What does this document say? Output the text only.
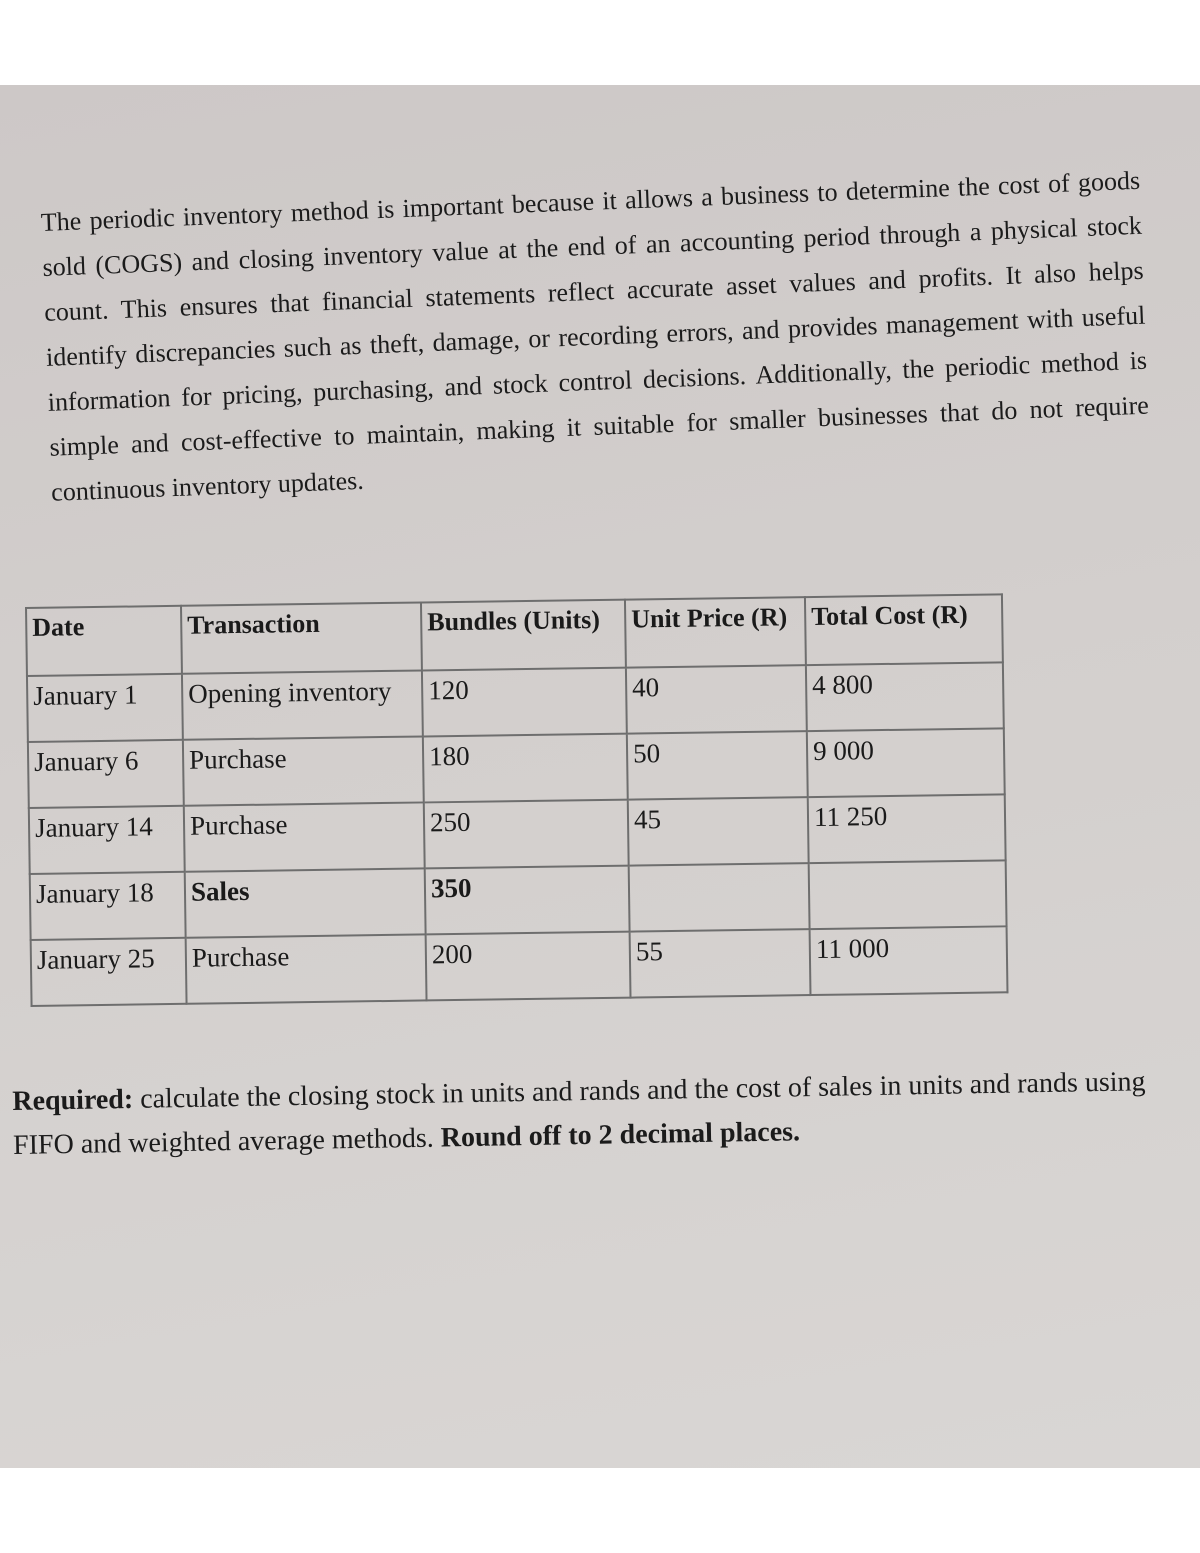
The periodic inventory method is important because it allows a business to determine the cost of goods sold (COGS) and closing inventory value at the end of an accounting period through a physical stock count. This ensures that financial statements reflect accurate asset values and profits. It also helps identify discrepancies such as theft, damage, or recording errors, and provides management with useful information for pricing, purchasing, and stock control decisions. Additionally, the periodic method is simple and cost-effective to maintain, making it suitable for smaller businesses that do not require continuous inventory updates.

Date	Transaction	Bundles (Units)	Unit Price (R)	Total Cost (R)
January 1	Opening inventory	120	40	4 800
January 6	Purchase	180	50	9 000
January 14	Purchase	250	45	11 250
January 18	Sales	350		
January 25	Purchase	200	55	11 000

Required: calculate the closing stock in units and rands and the cost of sales in units and rands using FIFO and weighted average methods. Round off to 2 decimal places.
